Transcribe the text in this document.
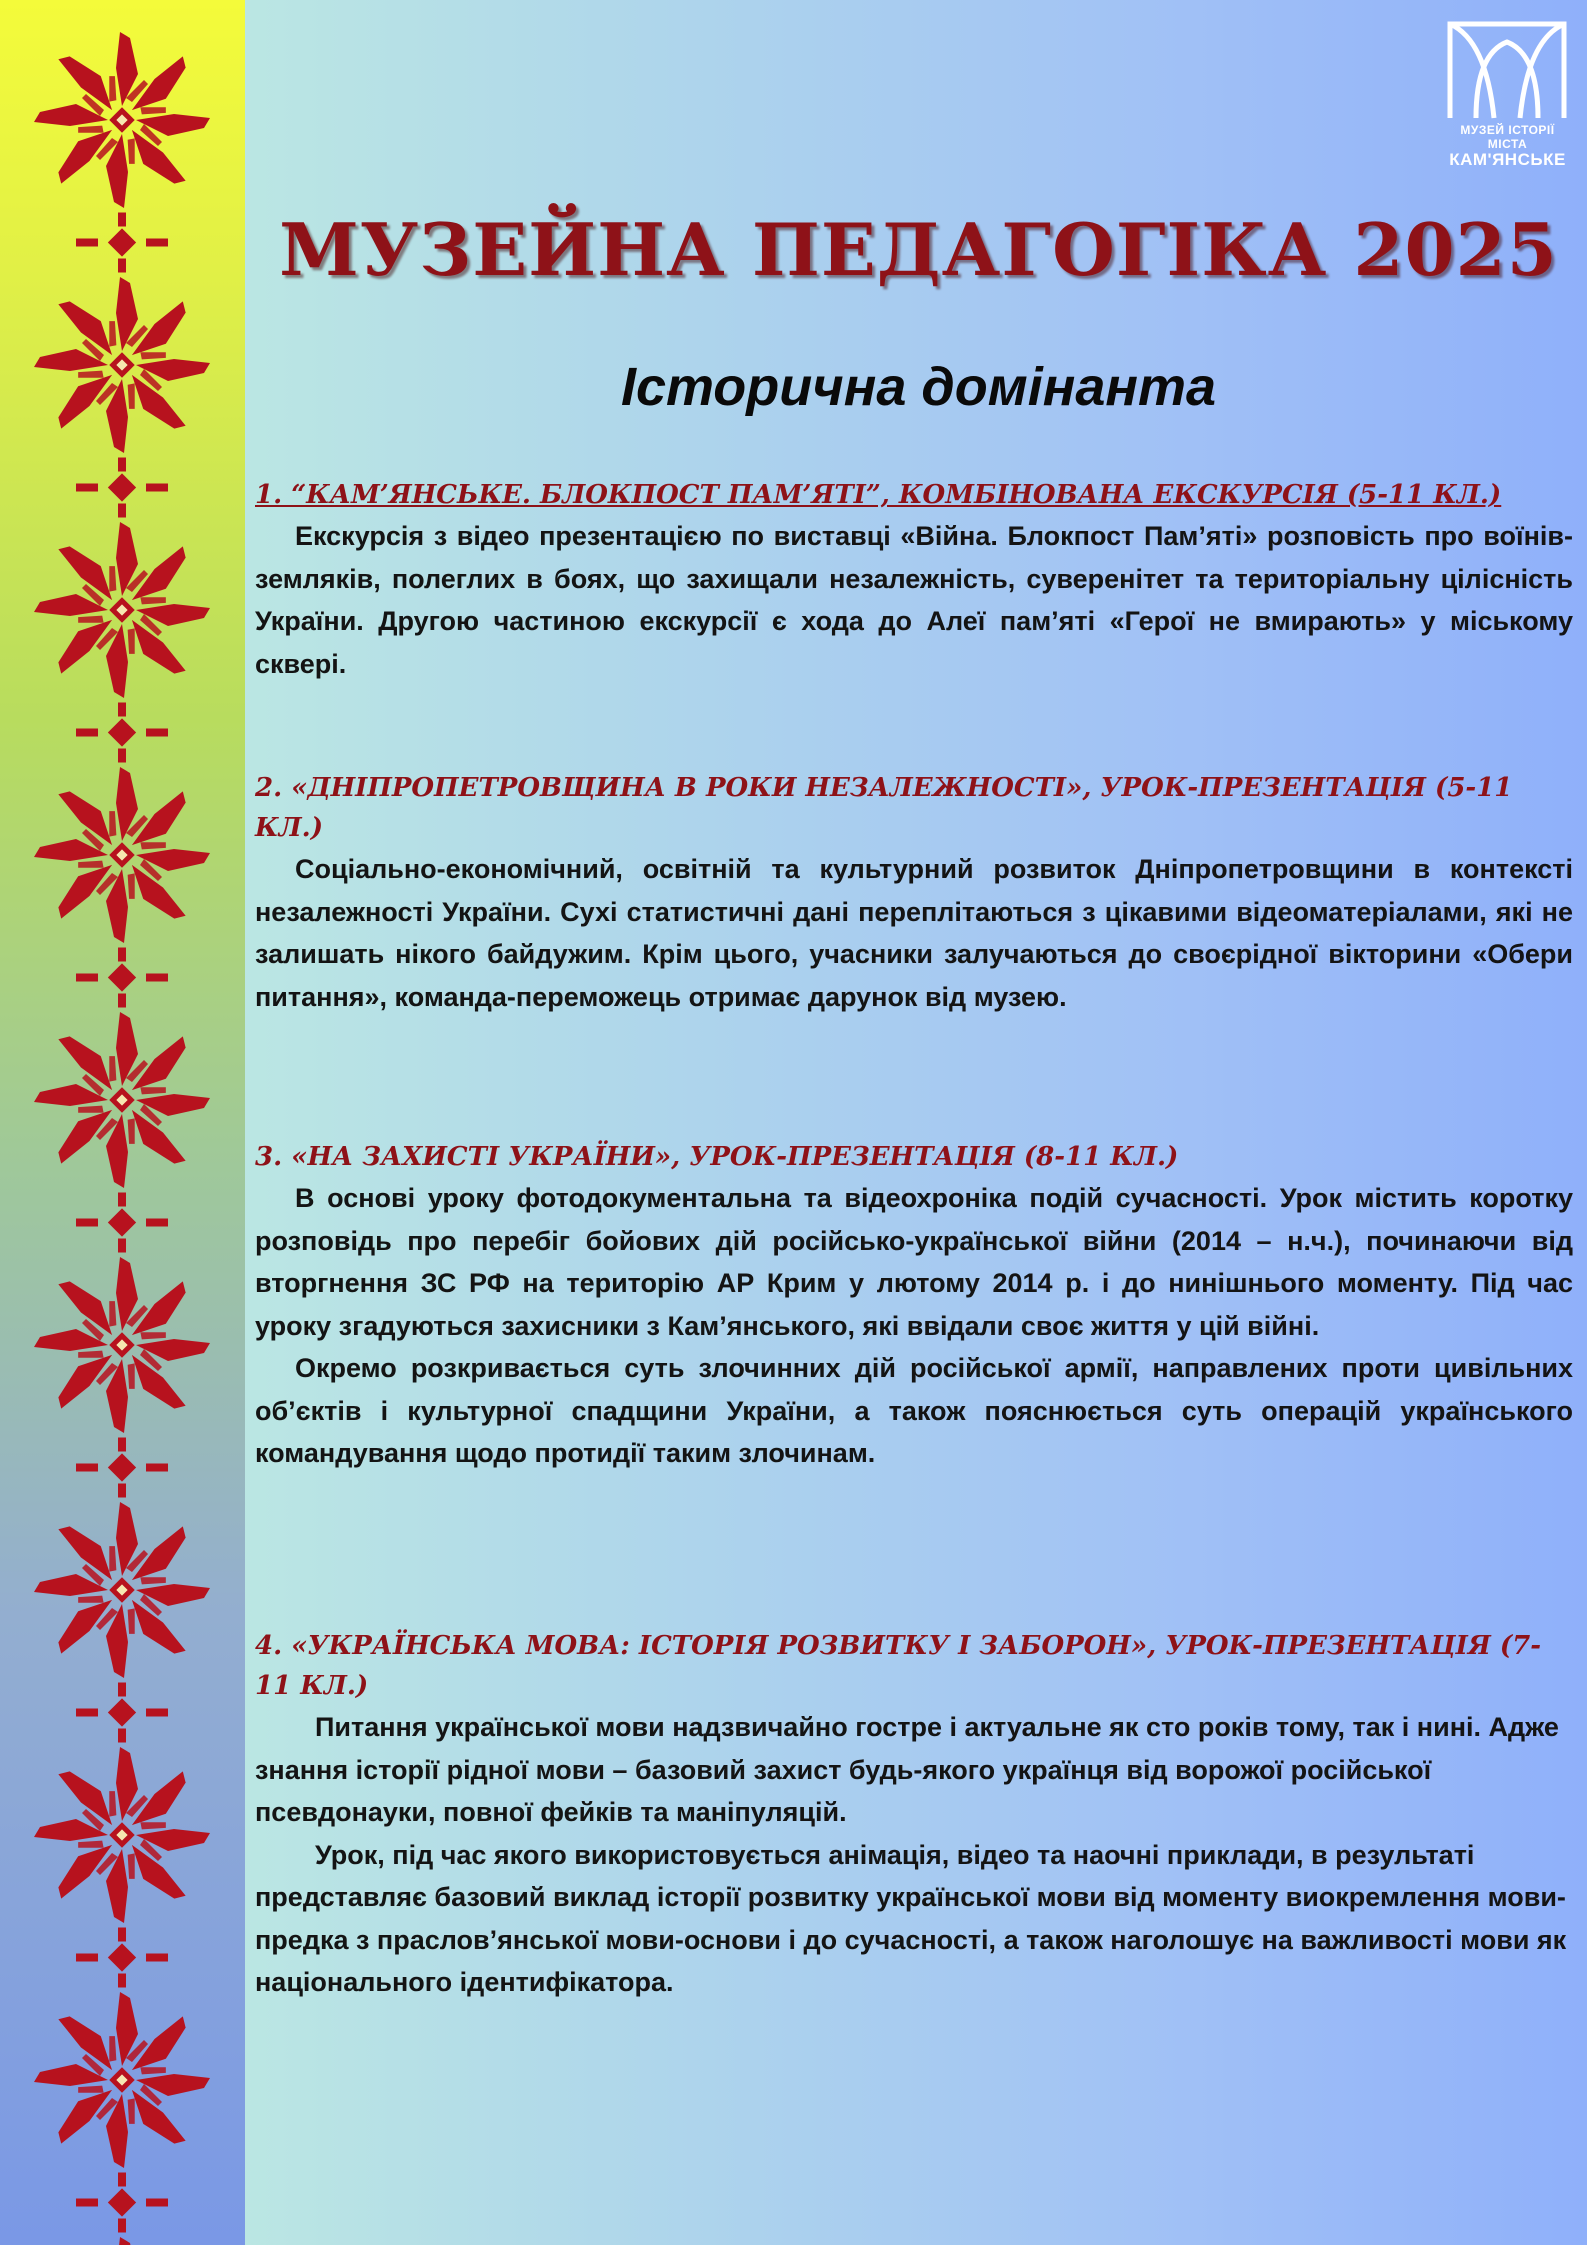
МУЗЕЙ ІСТОРІЇ МІСТА
КАМ'ЯНСЬКЕ
МУЗЕЙНА ПЕДАГОГІКА 2025
Історична домінанта

1. “КАМ’ЯНСЬКЕ. БЛОКПОСТ ПАМ’ЯТІ”, КОМБІНОВАНА ЕКСКУРСІЯ (5-11 КЛ.)

Екскурсія з відео презентацією по виставці «Війна. Блокпост Пам’яті» розповість про воїнів-земляків, полеглих в боях, що захищали незалежність, суверенітет та територіальну цілісність України. Другою частиною екскурсії є хода до Алеї пам’яті «Герої не вмирають» у міському сквері.

2. «ДНІПРОПЕТРОВЩИНА В РОКИ НЕЗАЛЕЖНОСТІ», УРОК-ПРЕЗЕНТАЦІЯ (5-11 КЛ.)

Соціально-економічний, освітній та культурний розвиток Дніпропетровщини в контексті незалежності України. Сухі статистичні дані переплітаються з цікавими відеоматеріалами, які не залишать нікого байдужим. Крім цього, учасники залучаються до своєрідної вікторини «Обери питання», команда-переможець отримає дарунок від музею.

3. «НА ЗАХИСТІ УКРАЇНИ», УРОК-ПРЕЗЕНТАЦІЯ (8-11 КЛ.)

В основі уроку фотодокументальна та відеохроніка подій сучасності. Урок містить коротку розповідь про перебіг бойових дій російсько-української війни (2014 – н.ч.), починаючи від вторгнення ЗС РФ на територію АР Крим у лютому 2014 р. і до нинішнього моменту. Під час уроку згадуються захисники з Кам’янського, які ввідали своє життя у цій війні.

Окремо розкривається суть злочинних дій російської армії, направлених проти цивільних об’єктів і культурної спадщини України, а також пояснюється суть операцій українського командування щодо протидії таким злочинам.

4. «УКРАЇНСЬКА МОВА: ІСТОРІЯ РОЗВИТКУ І ЗАБОРОН», УРОК-ПРЕЗЕНТАЦІЯ (7-11 КЛ.)

Питання української мови надзвичайно гостре і актуальне як сто років тому, так і нині. Адже знання історії рідної мови – базовий захист будь-якого українця від ворожої російської псевдонауки, повної фейків та маніпуляцій.

Урок, під час якого використовується анімація, відео та наочні приклади, в результаті представляє базовий виклад історії розвитку української мови від моменту виокремлення мови-предка з праслов’янської мови-основи і до сучасності, а також наголошує на важливості мови як національного ідентифікатора.
